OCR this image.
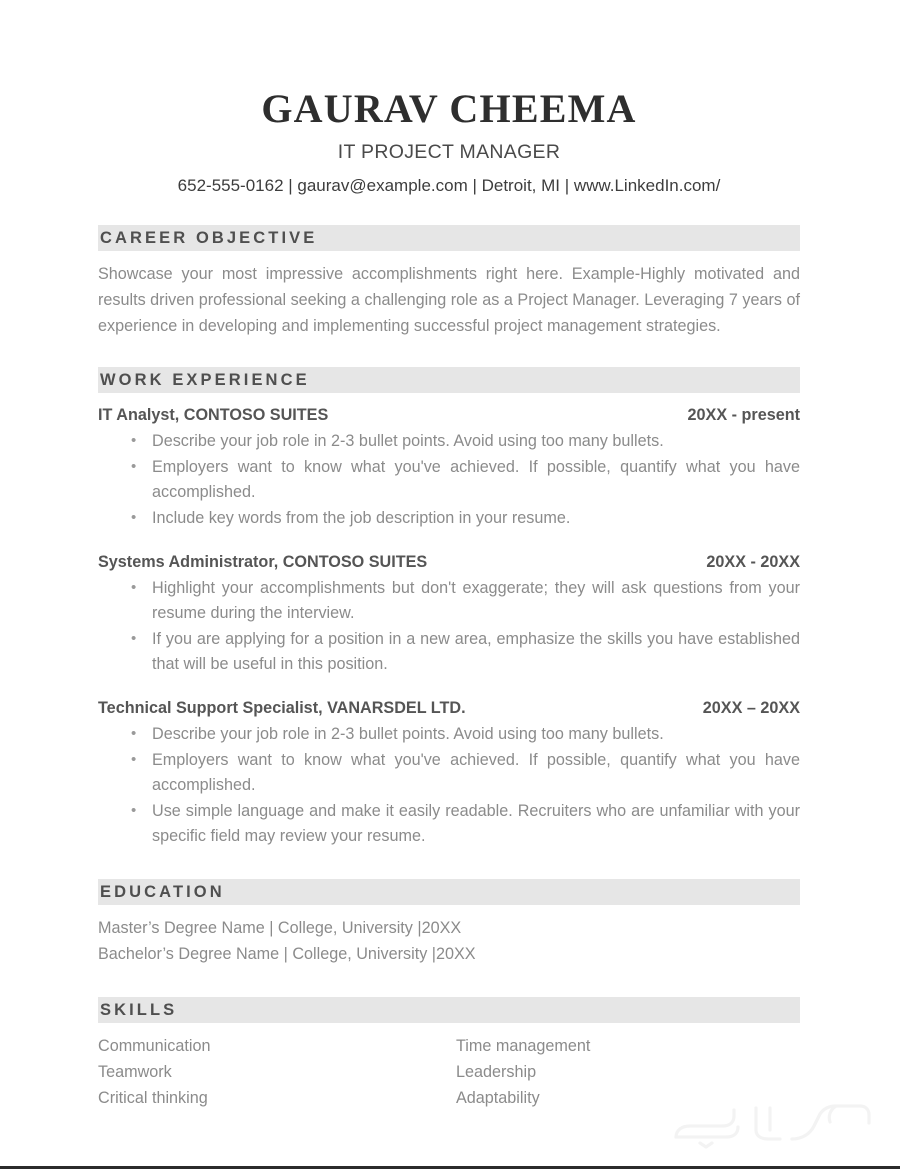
GAURAV CHEEMA
IT PROJECT MANAGER
652-555-0162 | gaurav@example.com | Detroit, MI | www.LinkedIn.com/
CAREER OBJECTIVE
Showcase your most impressive accomplishments right here. Example-Highly motivated and results driven professional seeking a challenging role as a Project Manager. Leveraging 7 years of experience in developing and implementing successful project management strategies.
WORK EXPERIENCE
IT Analyst, CONTOSO SUITES	20XX - present
• Describe your job role in 2-3 bullet points. Avoid using too many bullets.
• Employers want to know what you've achieved. If possible, quantify what you have accomplished.
• Include key words from the job description in your resume.
Systems Administrator, CONTOSO SUITES	20XX - 20XX
• Highlight your accomplishments but don't exaggerate; they will ask questions from your resume during the interview.
• If you are applying for a position in a new area, emphasize the skills you have established that will be useful in this position.
Technical Support Specialist, VANARSDEL LTD.	20XX – 20XX
• Describe your job role in 2-3 bullet points. Avoid using too many bullets.
• Employers want to know what you've achieved. If possible, quantify what you have accomplished.
• Use simple language and make it easily readable. Recruiters who are unfamiliar with your specific field may review your resume.
EDUCATION
Master’s Degree Name | College, University |20XX
Bachelor’s Degree Name | College, University |20XX
SKILLS
Communication	Time management
Teamwork	Leadership
Critical thinking	Adaptability
